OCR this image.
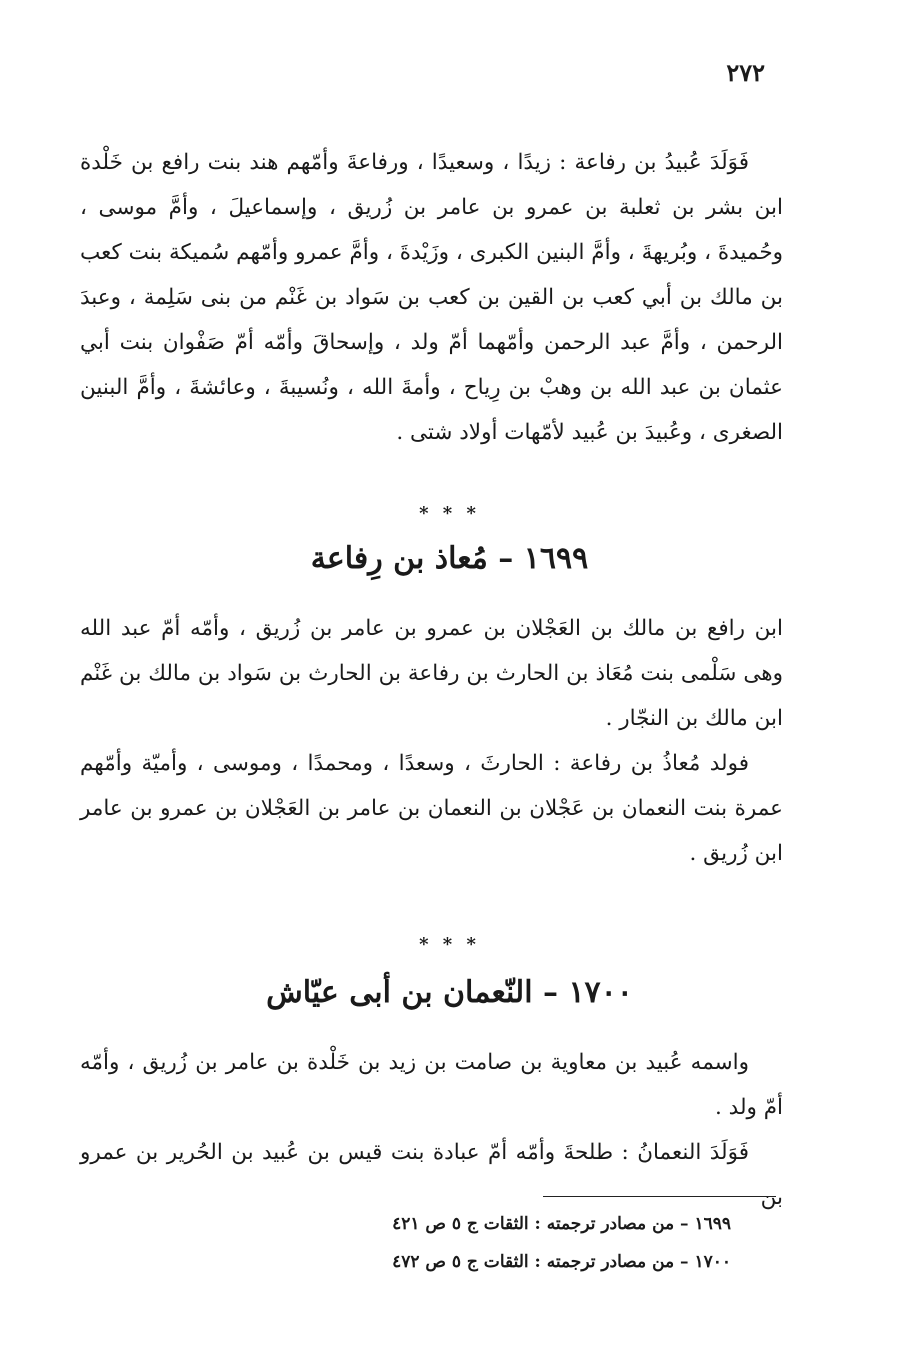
٢٧٢

فَوَلَدَ عُبيدُ بن رفاعة : زيدًا ، وسعيدًا ، ورفاعةَ وأمّهم هند بنت رافع بن خَلْدة ابن بشر بن ثعلبة بن عمرو بن عامر بن زُريق ، وإسماعيلَ ، وأمَّ موسى ، وحُميدةَ ، وبُريهةَ ، وأمَّ البنين الكبرى ، وزَيْدةَ ، وأمَّ عمرو وأمّهم سُميكة بنت كعب بن مالك بن أبي كعب بن القين بن كعب بن سَواد بن غَنْم من بنى سَلِمة ، وعبدَ الرحمن ، وأمَّ عبد الرحمن وأمّهما أمّ ولد ، وإسحاقَ وأمّه أمّ صَفْوان بنت أبي عثمان بن عبد الله بن وهبْ بن رِياح ، وأمةَ الله ، ونُسيبةَ ، وعائشةَ ، وأمَّ البنين الصغرى ، وعُبيدَ بن عُبيد لأمّهات أولاد شتى .

* * *
١٦٩٩ – مُعاذ بن رِفاعة

ابن رافع بن مالك بن العَجْلان بن عمرو بن عامر بن زُريق ، وأمّه أمّ عبد الله وهى سَلْمى بنت مُعَاذ بن الحارث بن رفاعة بن الحارث بن سَواد بن مالك بن غَنْم ابن مالك بن النجّار .

فولد مُعاذُ بن رفاعة : الحارثَ ، وسعدًا ، ومحمدًا ، وموسى ، وأميّة وأمّهم عمرة بنت النعمان بن عَجْلان بن النعمان بن عامر بن العَجْلان بن عمرو بن عامر ابن زُريق .

* * *
١٧٠٠ – النّعمان بن أبى عيّاش

واسمه عُبيد بن معاوية بن صامت بن زيد بن خَلْدة بن عامر بن زُريق ، وأمّه أمّ ولد .

فَوَلَدَ النعمانُ : طلحةَ وأمّه أمّ عبادة بنت قيس بن عُبيد بن الحُرير بن عمرو بن

١٦٩٩ – من مصادر ترجمته : الثقات ج ٥ ص ٤٢١
١٧٠٠ – من مصادر ترجمته : الثقات ج ٥ ص ٤٧٢
